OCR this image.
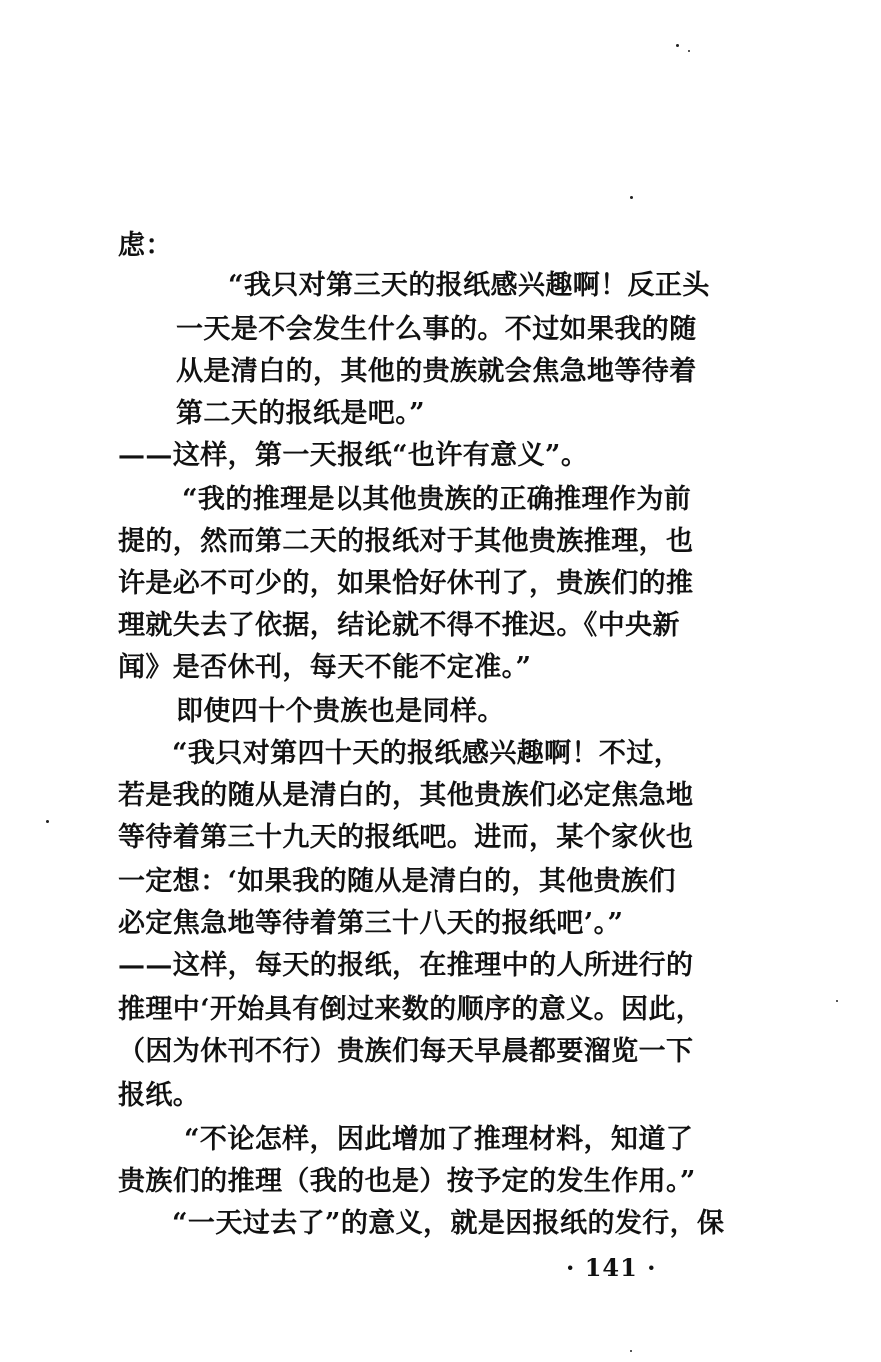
虑：
“我只对第三天的报纸感兴趣啊！反正头
一天是不会发生什么事的。不过如果我的随
从是清白的，其他的贵族就会焦急地等待着
第二天的报纸是吧。”
——这样，第一天报纸“也许有意义”。
“我的推理是以其他贵族的正确推理作为前
提的，然而第二天的报纸对于其他贵族推理，也
许是必不可少的，如果恰好休刊了，贵族们的推
理就失去了依据，结论就不得不推迟。《中央新
闻》是否休刊，每天不能不定准。”
即使四十个贵族也是同样。
“我只对第四十天的报纸感兴趣啊！不过，
若是我的随从是清白的，其他贵族们必定焦急地
等待着第三十九天的报纸吧。进而，某个家伙也
一定想：‘如果我的随从是清白的，其他贵族们
必定焦急地等待着第三十八天的报纸吧’。”
——这样，每天的报纸，在推理中的人所进行的
推理中‘开始具有倒过来数的顺序的意义。因此，
（因为休刊不行）贵族们每天早晨都要溜览一下
报纸。
“不论怎样，因此增加了推理材料，知道了
贵族们的推理（我的也是）按予定的发生作用。”
“一天过去了”的意义，就是因报纸的发行，保
· 141 ·
